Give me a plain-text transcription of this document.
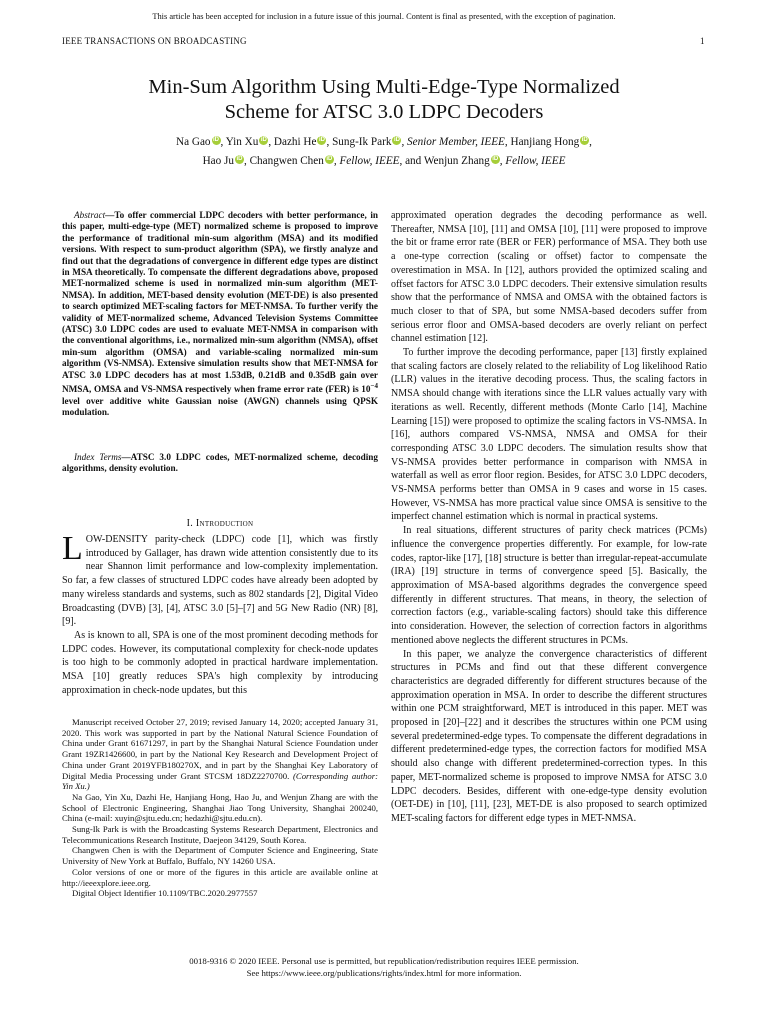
This article has been accepted for inclusion in a future issue of this journal. Content is final as presented, with the exception of pagination.
IEEE TRANSACTIONS ON BROADCASTING	1
Min-Sum Algorithm Using Multi-Edge-Type Normalized
Scheme for ATSC 3.0 LDPC Decoders
Na Gao iD , Yin Xu iD , Dazhi He iD , Sung-Ik Park iD , Senior Member, IEEE, Hanjiang Hong iD ,
Hao Ju iD , Changwen Chen iD , Fellow, IEEE, and Wenjun Zhang iD , Fellow, IEEE
Abstract—To offer commercial LDPC decoders with better performance, in this paper, multi-edge-type (MET) normalized scheme is proposed to improve the performance of traditional min-sum algorithm (MSA) and its modified versions. With respect to sum-product algorithm (SPA), we firstly analyze and find out that the degradations of convergence in different edge types are distinct in MSA theoretically. To compensate the different degradations above, proposed MET-normalized scheme is used in normalized min-sum algorithm (MET-NMSA). In addition, MET-based density evolution (MET-DE) is also presented to search optimized MET-scaling factors for MET-NMSA. To further verify the validity of MET-normalized scheme, Advanced Television Systems Committee (ATSC) 3.0 LDPC codes are used to evaluate MET-NMSA in comparison with the conventional algorithms, i.e., normalized min-sum algorithm (NMSA), offset min-sum algorithm (OMSA) and variable-scaling normalized min-sum algorithm (VS-NMSA). Extensive simulation results show that MET-NMSA for ATSC 3.0 LDPC decoders has at most 1.53dB, 0.21dB and 0.35dB gain over NMSA, OMSA and VS-NMSA respectively when frame error rate (FER) is $10^{-4}$ level over additive white Gaussian noise (AWGN) channels using QPSK modulation.
Index Terms—ATSC 3.0 LDPC codes, MET-normalized scheme, decoding algorithms, density evolution.
I. Introduction

LOW-DENSITY parity-check (LDPC) code [1], which was firstly introduced by Gallager, has drawn wide attention consistently due to its near Shannon limit performance and low-complexity implementation. So far, a few classes of structured LDPC codes have already been adopted by many wireless standards and systems, such as 802 standards [2], Digital Video Broadcasting (DVB) [3], [4], ATSC 3.0 [5]–[7] and 5G New Radio (NR) [8], [9].

As is known to all, SPA is one of the most prominent decoding methods for LDPC codes. However, its computational complexity for check-node updates is too high to be commonly adopted in practical hardware implementation. MSA [10] greatly reduces SPA's high complexity by introducing approximation in check-node updates, but this

Manuscript received October 27, 2019; revised January 14, 2020; accepted January 31, 2020. This work was supported in part by the National Natural Science Foundation of China under Grant 61671297, in part by the Shanghai Natural Science Foundation under Grant 19ZR1426600, in part by the National Key Research and Development Project of China under Grant 2019YFB180270X, and in part by the Shanghai Key Laboratory of Digital Media Processing under Grant STCSM 18DZ2270700. (Corresponding author: Yin Xu.)

Na Gao, Yin Xu, Dazhi He, Hanjiang Hong, Hao Ju, and Wenjun Zhang are with the School of Electronic Engineering, Shanghai Jiao Tong University, Shanghai 200240, China (e-mail: xuyin@sjtu.edu.cn; hedazhi@sjtu.edu.cn).

Sung-Ik Park is with the Broadcasting Systems Research Department, Electronics and Telecommunications Research Institute, Daejeon 34129, South Korea.

Changwen Chen is with the Department of Computer Science and Engineering, State University of New York at Buffalo, Buffalo, NY 14260 USA.

Color versions of one or more of the figures in this article are available online at http://ieeexplore.ieee.org.

Digital Object Identifier 10.1109/TBC.2020.2977557

approximated operation degrades the decoding performance as well. Thereafter, NMSA [10], [11] and OMSA [10], [11] were proposed to improve the bit or frame error rate (BER or FER) performance of MSA. They both use a one-type correction (scaling or offset) factor to compensate the overestimation in MSA. In [12], authors provided the optimized scaling and offset factors for ATSC 3.0 LDPC decoders. Their extensive simulation results show that the performance of NMSA and OMSA with the obtained factors is much closer to that of SPA, but some NMSA-based decoders suffer from serious error floor and OMSA-based decoders are overly reliant on perfect channel estimation [12].

To further improve the decoding performance, paper [13] firstly explained that scaling factors are closely related to the reliability of Log likelihood Ratio (LLR) values in the iterative decoding process. Thus, the scaling factors in NMSA should change with iterations since the LLR values actually vary with iterations as well. Recently, different methods (Monte Carlo [14], Machine Learning [15]) were proposed to optimize the scaling factors in VS-NMSA. In [16], authors compared VS-NMSA, NMSA and OMSA for their corresponding ATSC 3.0 LDPC decoders. The simulation results show that VS-NMSA provides better performance in comparison with NMSA in waterfall as well as error floor region. Besides, for ATSC 3.0 LDPC decoders, VS-NMSA performs better than OMSA in 9 cases and worse in 15 cases. However, VS-NMSA has more practical value since OMSA is sensitive to the imperfect channel estimation which is normal in practical systems.

In real situations, different structures of parity check matrices (PCMs) influence the convergence properties differently. For example, for low-rate codes, raptor-like [17], [18] structure is better than irregular-repeat-accumulate (IRA) [19] structure in terms of convergence speed [5]. Basically, the approximation of MSA-based algorithms degrades the convergence speed differently in different structures. That means, in theory, the selection of correction factors (e.g., variable-scaling factors) should take this difference into consideration. However, the selection of correction factors in algorithms mentioned above neglects the different structures in PCMs.

In this paper, we analyze the convergence characteristics of different structures in PCMs and find out that these different convergence characteristics are degraded differently for different structures because of the approximation operation in MSA. In order to describe the different structures within one PCM straightforward, MET is introduced in this paper. MET was proposed in [20]–[22] and it describes the structures within one PCM using several predetermined-edge types. To compensate the different degradations in different predetermined-edge types, the correction factors for modified MSA should also change with different predetermined-correction types. In this paper, MET-normalized scheme is proposed to improve NMSA for ATSC 3.0 LDPC decoders. Besides, different with one-edge-type density evolution (OET-DE) in [10], [11], [23], MET-DE is also proposed to search optimized MET-scaling factors for different edge types in MET-NMSA.

0018-9316 © 2020 IEEE. Personal use is permitted, but republication/redistribution requires IEEE permission.
See https://www.ieee.org/publications/rights/index.html for more information.
